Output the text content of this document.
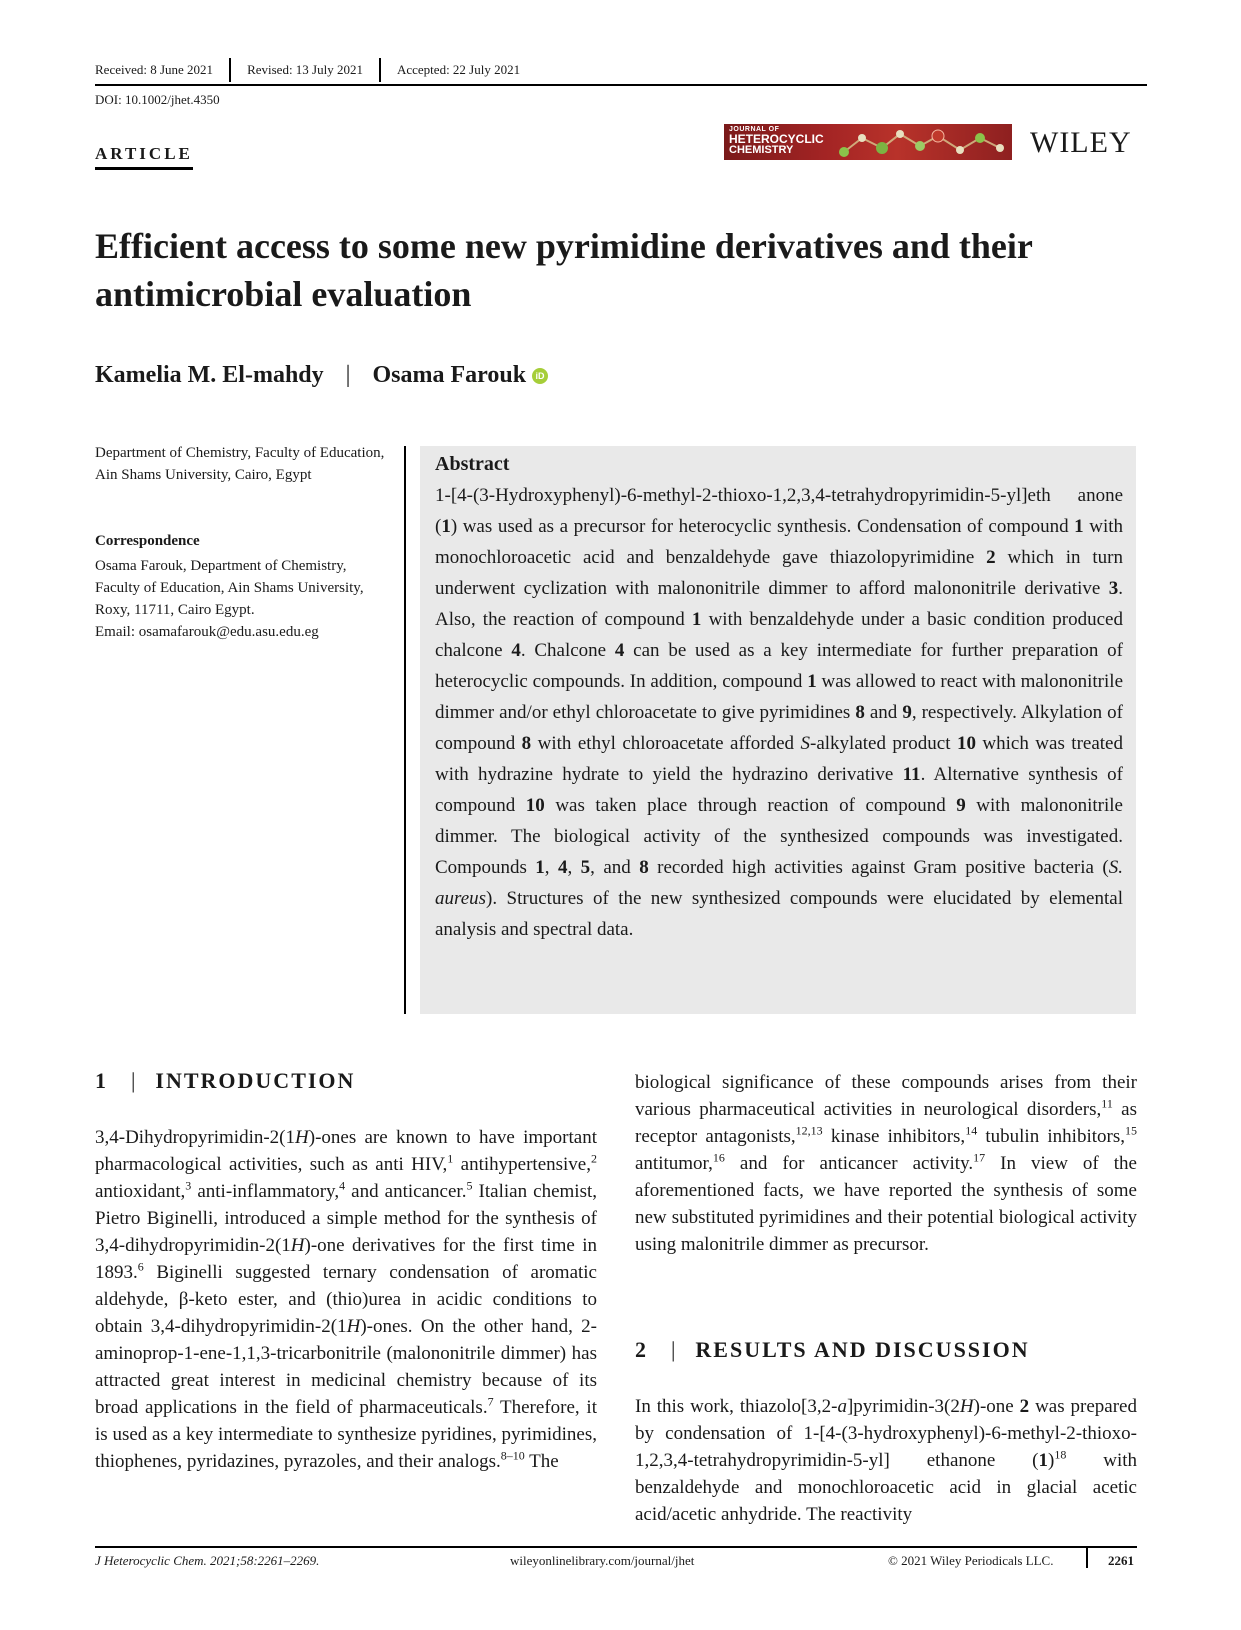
Received: 8 June 2021	Revised: 13 July 2021	Accepted: 22 July 2021
DOI: 10.1002/jhet.4350
ARTICLE
JOURNAL OF
HETEROCYCLIC
CHEMISTRY	WILEY
Efficient access to some new pyrimidine derivatives and their antimicrobial evaluation
Kamelia M. El-mahdy | Osama Farouk	iD
Department of Chemistry, Faculty of Education, Ain Shams University, Cairo, Egypt
Correspondence
Osama Farouk, Department of Chemistry, Faculty of Education, Ain Shams University, Roxy, 11711, Cairo Egypt.
Email: osamafarouk@edu.asu.edu.eg
Abstract
1-[4-(3-Hydroxyphenyl)-6-methyl-2-thioxo-1,2,3,4-tetrahydropyrimidin-5-yl]eth anone (1) was used as a precursor for heterocyclic synthesis. Condensation of compound 1 with monochloroacetic acid and benzaldehyde gave thiazolopyrimidine 2 which in turn underwent cyclization with malononitrile dimmer to afford malononitrile derivative 3. Also, the reaction of compound 1 with benzaldehyde under a basic condition produced chalcone 4. Chalcone 4 can be used as a key intermediate for further preparation of heterocyclic compounds. In addition, compound 1 was allowed to react with malononitrile dimmer and/or ethyl chloroacetate to give pyrimidines 8 and 9, respectively. Alkylation of compound 8 with ethyl chloroacetate afforded S-alkylated product 10 which was treated with hydrazine hydrate to yield the hydrazino derivative 11. Alternative synthesis of compound 10 was taken place through reaction of compound 9 with malononitrile dimmer. The biological activity of the synthesized compounds was investigated. Compounds 1, 4, 5, and 8 recorded high activities against Gram positive bacteria (S. aureus). Structures of the new synthesized compounds were elucidated by elemental analysis and spectral data.
1 | INTRODUCTION
3,4-Dihydropyrimidin-2(1H)-ones are known to have important pharmacological activities, such as anti HIV,$^1$ antihypertensive,$^2$ antioxidant,$^3$ anti-inflammatory,$^4$ and anticancer.$^5$ Italian chemist, Pietro Biginelli, introduced a simple method for the synthesis of 3,4-dihydropyrimidin-2(1H)-one derivatives for the first time in 1893.$^6$ Biginelli suggested ternary condensation of aromatic aldehyde, β-keto ester, and (thio)urea in acidic conditions to obtain 3,4-dihydropyrimidin-2(1H)-ones. On the other hand, 2-aminoprop-1-ene-1,1,3-tricarbonitrile (malononitrile dimmer) has attracted great interest in medicinal chemistry because of its broad applications in the field of pharmaceuticals.$^7$ Therefore, it is used as a key intermediate to synthesize pyridines, pyrimidines, thiophenes, pyridazines, pyrazoles, and their analogs.$^{8-10}$ The
biological significance of these compounds arises from their various pharmaceutical activities in neurological disorders,$^{11}$ as receptor antagonists,$^{12,13}$ kinase inhibitors,$^{14}$ tubulin inhibitors,$^{15}$ antitumor,$^{16}$ and for anticancer activity.$^{17}$ In view of the aforementioned facts, we have reported the synthesis of some new substituted pyrimidines and their potential biological activity using malonitrile dimmer as precursor.
2 | RESULTS AND DISCUSSION
In this work, thiazolo[3,2-a]pyrimidin-3(2H)-one 2 was prepared by condensation of 1-[4-(3-hydroxyphenyl)-6-methyl-2-thioxo-1,2,3,4-tetrahydropyrimidin-5-yl] ethanone $(1)^{18}$ with benzaldehyde and monochloroacetic acid in glacial acetic acid/acetic anhydride. The reactivity
J Heterocyclic Chem. 2021;58:2261–2269.	wileyonlinelibrary.com/journal/jhet	© 2021 Wiley Periodicals LLC.	2261
